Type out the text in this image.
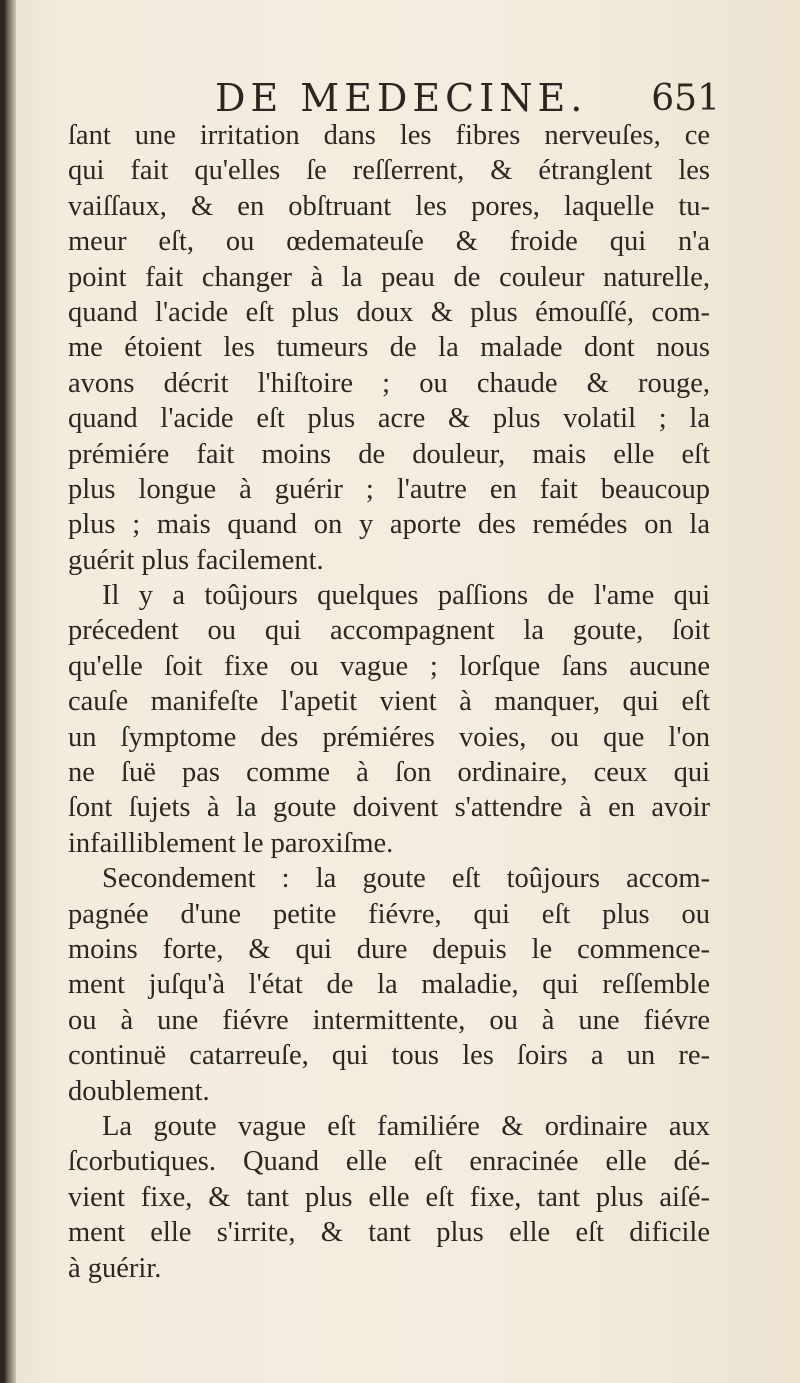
DE MEDECINE. 651
ſant une irritation dans les fibres nerveuſes, ce
qui fait qu'elles ſe reſſerrent, & étranglent les
vaiſſaux, & en obſtruant les pores, laquelle tu-
meur eſt, ou œdemateuſe & froide qui n'a
point fait changer à la peau de couleur naturelle,
quand l'acide eſt plus doux & plus émouſſé, com-
me étoient les tumeurs de la malade dont nous
avons décrit l'hiſtoire ; ou chaude & rouge,
quand l'acide eſt plus acre & plus volatil ; la
prémiére fait moins de douleur, mais elle eſt
plus longue à guérir ; l'autre en fait beaucoup
plus ; mais quand on y aporte des remédes on la
guérit plus facilement.
Il y a toûjours quelques paſſions de l'ame qui
précedent ou qui accompagnent la goute, ſoit
qu'elle ſoit fixe ou vague ; lorſque ſans aucune
cauſe manifeſte l'apetit vient à manquer, qui eſt
un ſymptome des prémiéres voies, ou que l'on
ne ſuë pas comme à ſon ordinaire, ceux qui
ſont ſujets à la goute doivent s'attendre à en avoir
infailliblement le paroxiſme.
Secondement : la goute eſt toûjours accom-
pagnée d'une petite fiévre, qui eſt plus ou
moins forte, & qui dure depuis le commence-
ment juſqu'à l'état de la maladie, qui reſſemble
ou à une fiévre intermittente, ou à une fiévre
continuë catarreuſe, qui tous les ſoirs a un re-
doublement.
La goute vague eſt familiére & ordinaire aux
ſcorbutiques. Quand elle eſt enracinée elle dé-
vient fixe, & tant plus elle eſt fixe, tant plus aiſé-
ment elle s'irrite, & tant plus elle eſt dificile
à guérir.
